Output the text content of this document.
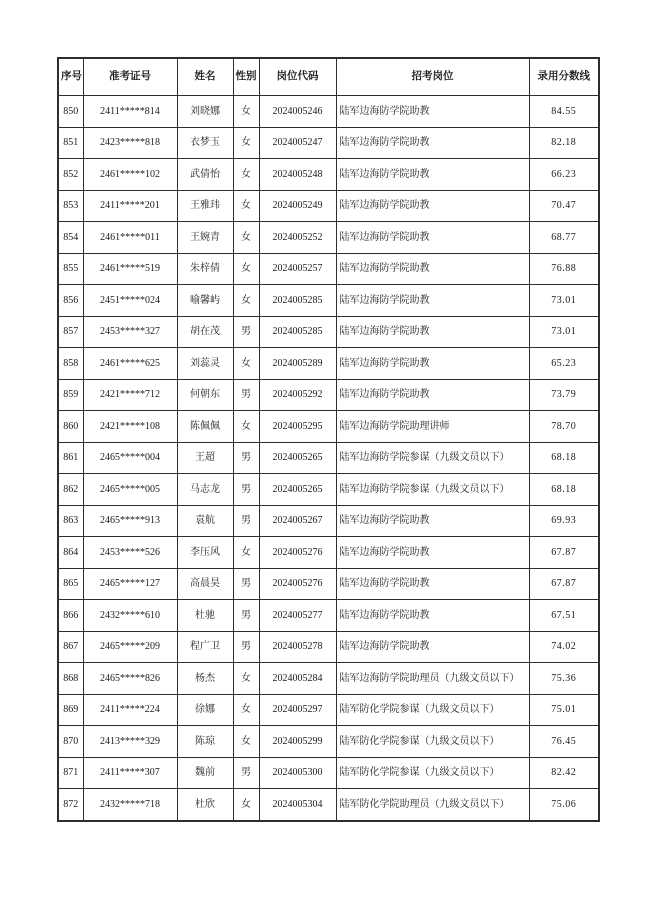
序号	准考证号	姓名	性别	岗位代码	招考岗位	录用分数线
850	2411*****814	刘晓娜	女	2024005246	陆军边海防学院助教	84.55
851	2423*****818	衣梦玉	女	2024005247	陆军边海防学院助教	82.18
852	2461*****102	武倩怡	女	2024005248	陆军边海防学院助教	66.23
853	2411*****201	王雅玮	女	2024005249	陆军边海防学院助教	70.47
854	2461*****011	王婉青	女	2024005252	陆军边海防学院助教	68.77
855	2461*****519	朱梓倩	女	2024005257	陆军边海防学院助教	76.88
856	2451*****024	喻馨屿	女	2024005285	陆军边海防学院助教	73.01
857	2453*****327	胡在茂	男	2024005285	陆军边海防学院助教	73.01
858	2461*****625	刘蕊灵	女	2024005289	陆军边海防学院助教	65.23
859	2421*****712	何朝东	男	2024005292	陆军边海防学院助教	73.79
860	2421*****108	陈佩佩	女	2024005295	陆军边海防学院助理讲师	78.70
861	2465*****004	王超	男	2024005265	陆军边海防学院参谋（九级文员以下）	68.18
862	2465*****005	马志龙	男	2024005265	陆军边海防学院参谋（九级文员以下）	68.18
863	2465*****913	袁航	男	2024005267	陆军边海防学院助教	69.93
864	2453*****526	李压风	女	2024005276	陆军边海防学院助教	67.87
865	2465*****127	高晨昊	男	2024005276	陆军边海防学院助教	67.87
866	2432*****610	杜驰	男	2024005277	陆军边海防学院助教	67.51
867	2465*****209	程广卫	男	2024005278	陆军边海防学院助教	74.02
868	2465*****826	杨杰	女	2024005284	陆军边海防学院助理员（九级文员以下）	75.36
869	2411*****224	徐娜	女	2024005297	陆军防化学院参谋（九级文员以下）	75.01
870	2413*****329	陈琼	女	2024005299	陆军防化学院参谋（九级文员以下）	76.45
871	2411*****307	魏前	男	2024005300	陆军防化学院参谋（九级文员以下）	82.42
872	2432*****718	杜欣	女	2024005304	陆军防化学院助理员（九级文员以下）	75.06
